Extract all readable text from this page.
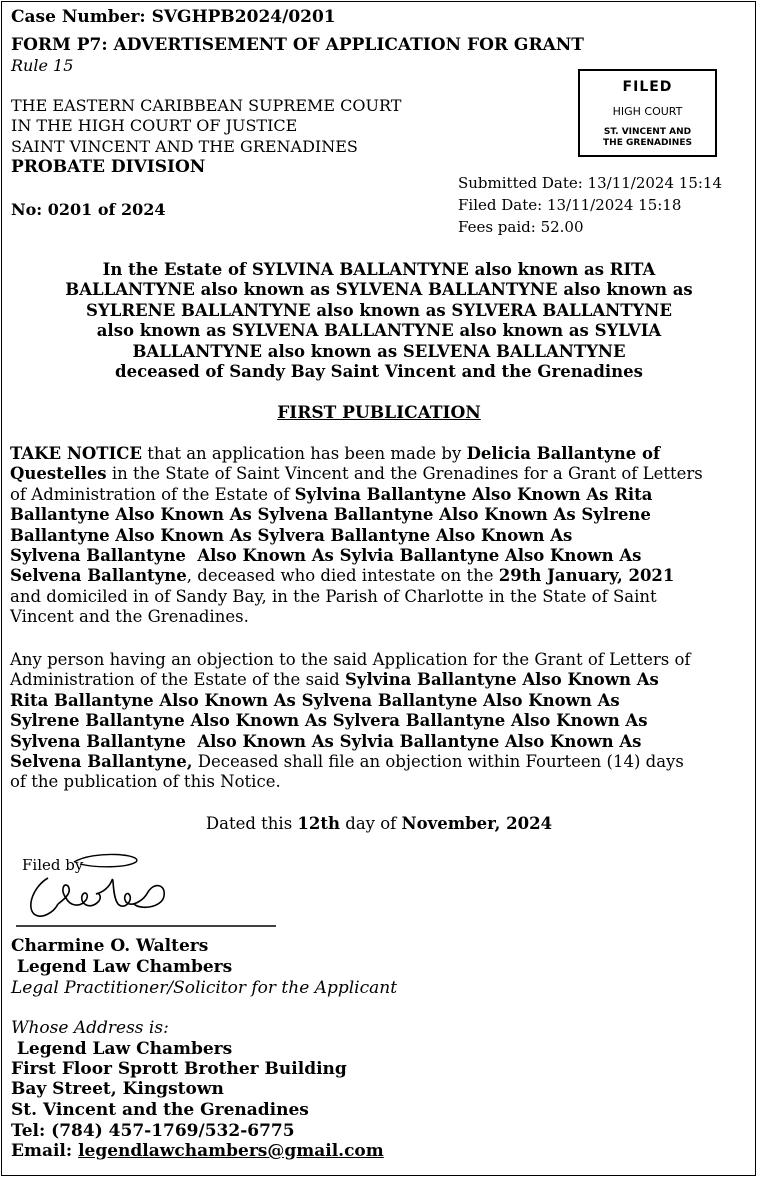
Case Number: SVGHPB2024/0201
FORM P7: ADVERTISEMENT OF APPLICATION FOR GRANT
Rule 15
THE EASTERN CARIBBEAN SUPREME COURT
IN THE HIGH COURT OF JUSTICE
SAINT VINCENT AND THE GRENADINES
PROBATE DIVISION
No: 0201 of 2024
FILED
HIGH COURT
ST. VINCENT AND
THE GRENADINES
Submitted Date: 13/11/2024 15:14
Filed Date: 13/11/2024 15:18
Fees paid: 52.00
In the Estate of SYLVINA BALLANTYNE also known as RITA
BALLANTYNE also known as SYLVENA BALLANTYNE also known as
SYLRENE BALLANTYNE also known as SYLVERA BALLANTYNE
also known as SYLVENA BALLANTYNE also known as SYLVIA
BALLANTYNE also known as SELVENA BALLANTYNE
deceased of Sandy Bay Saint Vincent and the Grenadines
FIRST PUBLICATION
TAKE NOTICE that an application has been made by Delicia Ballantyne of
Questelles in the State of Saint Vincent and the Grenadines for a Grant of Letters
of Administration of the Estate of Sylvina Ballantyne Also Known As Rita
Ballantyne Also Known As Sylvena Ballantyne Also Known As Sylrene
Ballantyne Also Known As Sylvera Ballantyne Also Known As
Sylvena Ballantyne  Also Known As Sylvia Ballantyne Also Known As
Selvena Ballantyne, deceased who died intestate on the 29th January, 2021
and domiciled in of Sandy Bay, in the Parish of Charlotte in the State of Saint
Vincent and the Grenadines.
Any person having an objection to the said Application for the Grant of Letters of
Administration of the Estate of the said Sylvina Ballantyne Also Known As
Rita Ballantyne Also Known As Sylvena Ballantyne Also Known As
Sylrene Ballantyne Also Known As Sylvera Ballantyne Also Known As
Sylvena Ballantyne  Also Known As Sylvia Ballantyne Also Known As
Selvena Ballantyne, Deceased shall file an objection within Fourteen (14) days
of the publication of this Notice.
Dated this 12th day of November, 2024
Filed by
Charmine O. Walters
Legend Law Chambers
Legal Practitioner/Solicitor for the Applicant
Whose Address is:
Legend Law Chambers
First Floor Sprott Brother Building
Bay Street, Kingstown
St. Vincent and the Grenadines
Tel: (784) 457-1769/532-6775
Email: legendlawchambers@gmail.com
